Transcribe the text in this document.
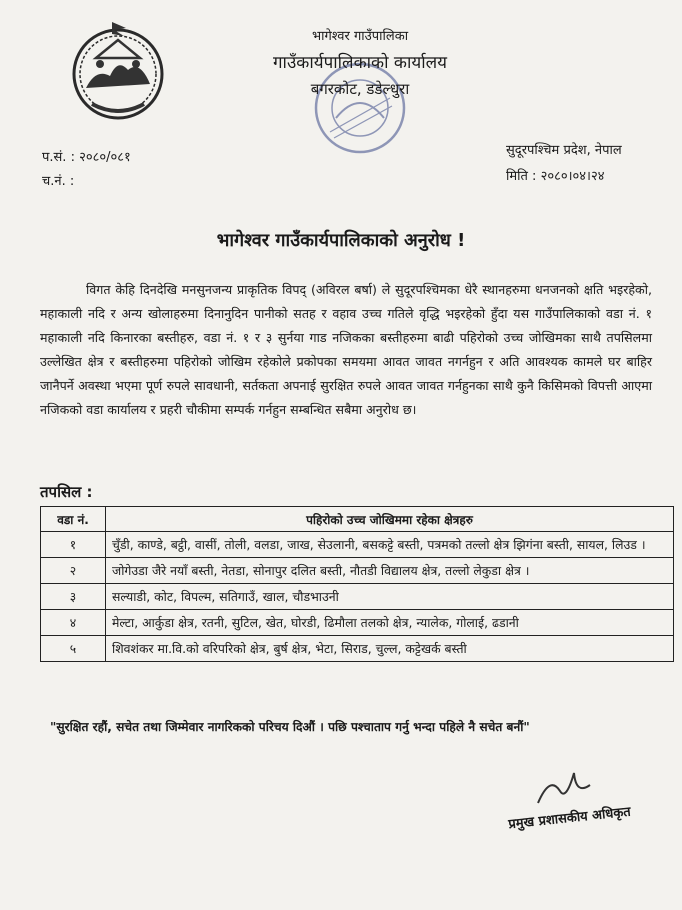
भागेश्वर गाउँपालिका
गाउँकार्यपालिकाको कार्यालय
बगरकोट, डडेल्धुरा
प.सं. : २०८०/०८१
च.नं. :
सुदूरपश्चिम प्रदेश, नेपाल
मिति : २०८०।०४।२४
भागेश्वर गाउँकार्यपालिकाको अनुरोध !
विगत केहि दिनदेखि मनसुनजन्य प्राकृतिक विपद् (अविरल बर्षा) ले सुदूरपश्चिमका धेरै स्थानहरुमा धनजनको क्षति भइरहेको, महाकाली नदि र अन्य खोलाहरुमा दिनानुदिन पानीको सतह र वहाव उच्च गतिले वृद्धि भइरहेको हुँदा यस गाउँपालिकाको वडा नं. १ महाकाली नदि किनारका बस्तीहरु, वडा नं. १ र ३ सुर्नया गाड नजिकका बस्तीहरुमा बाढी पहिरोको उच्च जोखिमका साथै तपसिलमा उल्लेखित क्षेत्र र बस्तीहरुमा पहिरोको जोखिम रहेकोले प्रकोपका समयमा आवत जावत नगर्नहुन र अति आवश्यक कामले घर बाहिर जानैपर्ने अवस्था भएमा पूर्ण रुपले सावधानी, सर्तकता अपनाई सुरक्षित रुपले आवत जावत गर्नहुनका साथै कुनै किसिमको विपत्ती आएमा नजिकको वडा कार्यालय र प्रहरी चौकीमा सम्पर्क गर्नहुन सम्बन्धित सबैमा अनुरोध छ।
तपसिल :
वडा नं.	पहिरोको उच्च जोखिममा रहेका क्षेत्रहरु
१	चुँडी, काण्डे, बट्ठी, वासीं, तोली, वलडा, जाख, सेउलानी, बसकट्टे बस्ती, पत्रमको तल्लो क्षेत्र झिगंना बस्ती, सायल, लिउड ।
२	जोगेउडा जैरे नयाँ बस्ती, नेतडा, सोनापुर दलित बस्ती, नौतडी विद्यालय क्षेत्र, तल्लो लेकुडा क्षेत्र ।
३	सल्याडी, कोट, विपल्म, सतिगाउँ, खाल, चौडभाउनी
४	मेल्टा, आर्कुडा क्षेत्र, रतनी, सुटिल, खेत, घोरडी, ढिमौला तलको क्षेत्र, न्यालेक, गोलाई, ढडानी
५	शिवशंकर मा.वि.को वरिपरिको क्षेत्र, बुर्ष क्षेत्र, भेटा, सिराड, चुल्ल, कट्टेखर्क बस्ती
"सुरक्षित रहौं, सचेत तथा जिम्मेवार नागरिकको परिचय दिऔं । पछि पश्चाताप गर्नु भन्दा पहिले नै सचेत बनौं"
प्रमुख प्रशासकीय अधिकृत
